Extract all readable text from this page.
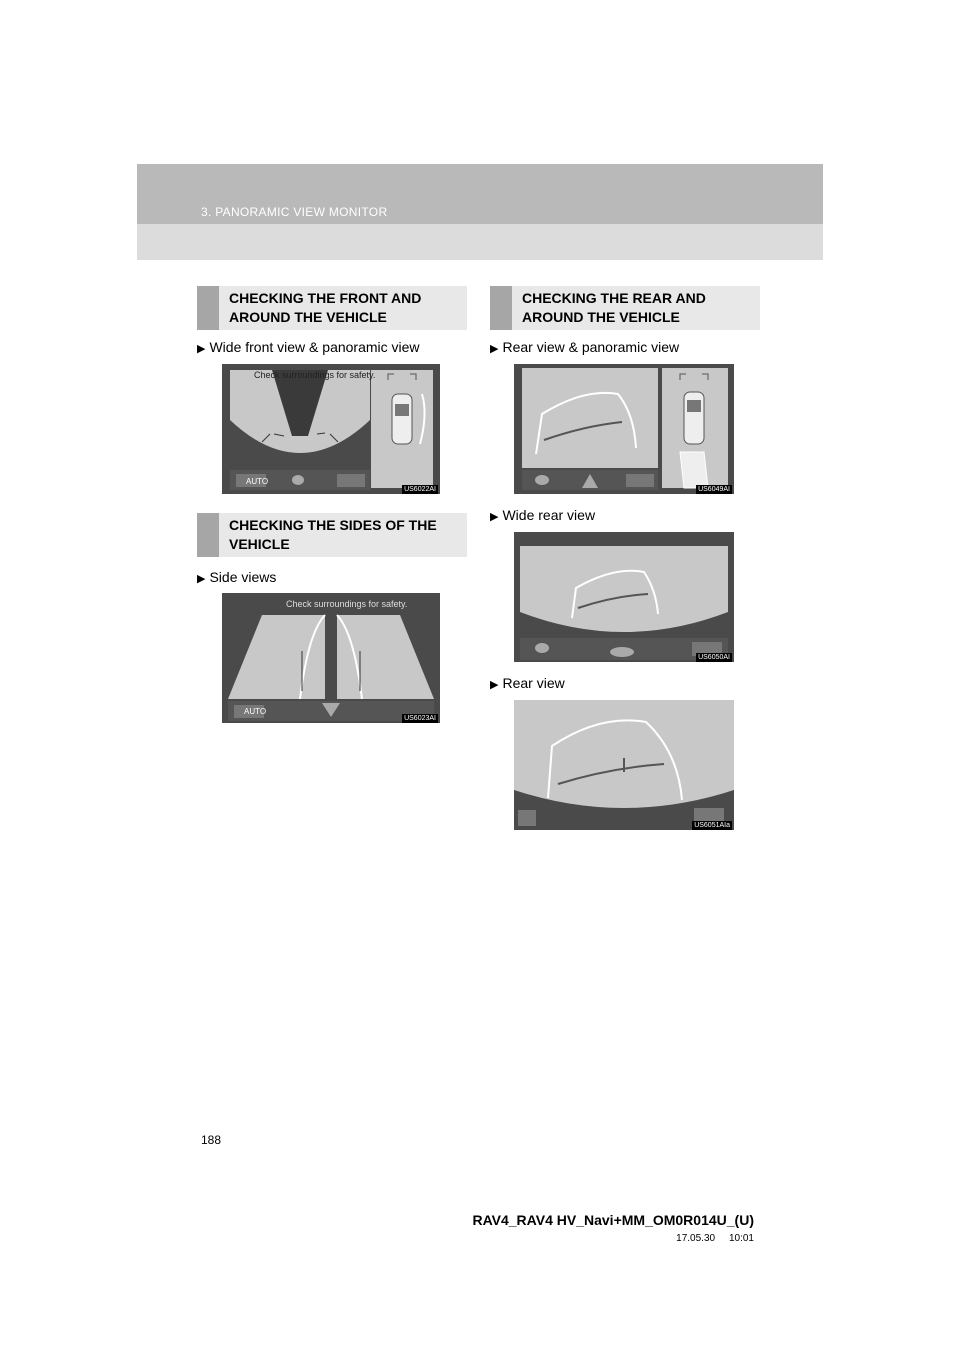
3. PANORAMIC VIEW MONITOR
CHECKING THE FRONT AND AROUND THE VEHICLE
▶ Wide front view & panoramic view
Check surroundings for safety.
AUTO
US6022AI
CHECKING THE SIDES OF THE VEHICLE
▶ Side views
Check surroundings for safety.
AUTO
US6023AI
CHECKING THE REAR AND AROUND THE VEHICLE
▶ Rear view & panoramic view
US6049AI
▶ Wide rear view
US6050AI
▶ Rear view
US6051AIa
188
RAV4_RAV4 HV_Navi+MM_OM0R014U_(U)
17.05.30     10:01
